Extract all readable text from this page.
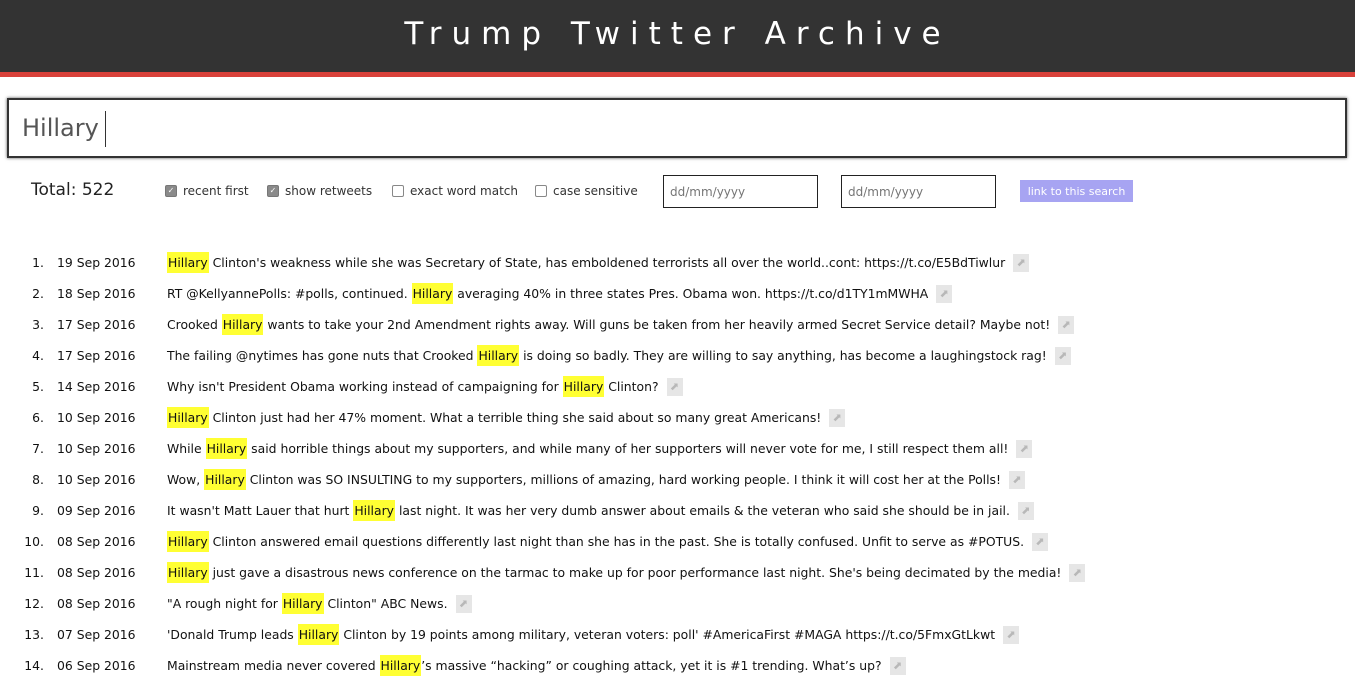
Trump Twitter Archive
Hillary
Total: 522	✓ recent first	✓ show retweets	exact word match	case sensitive
dd/mm/yyyy
dd/mm/yyyy	link to this search
1. 19 Sep 2016	Hillary Clinton's weakness while she was Secretary of State, has emboldened terrorists all over the world..cont: https://t.co/E5BdTiwlur	⬈
2. 18 Sep 2016	RT @KellyannePolls: #polls, continued. Hillary averaging 40% in three states Pres. Obama won. https://t.co/d1TY1mMWHA	⬈
3. 17 Sep 2016	Crooked Hillary wants to take your 2nd Amendment rights away. Will guns be taken from her heavily armed Secret Service detail? Maybe not!	⬈
4. 17 Sep 2016	The failing @nytimes has gone nuts that Crooked Hillary is doing so badly. They are willing to say anything, has become a laughingstock rag!	⬈
5. 14 Sep 2016	Why isn't President Obama working instead of campaigning for Hillary Clinton?	⬈
6. 10 Sep 2016	Hillary Clinton just had her 47% moment. What a terrible thing she said about so many great Americans!	⬈
7. 10 Sep 2016	While Hillary said horrible things about my supporters, and while many of her supporters will never vote for me, I still respect them all!	⬈
8. 10 Sep 2016	Wow, Hillary Clinton was SO INSULTING to my supporters, millions of amazing, hard working people. I think it will cost her at the Polls!	⬈
9. 09 Sep 2016	It wasn't Matt Lauer that hurt Hillary last night. It was her very dumb answer about emails & the veteran who said she should be in jail.	⬈
10. 08 Sep 2016	Hillary Clinton answered email questions differently last night than she has in the past. She is totally confused. Unfit to serve as #POTUS.	⬈
11. 08 Sep 2016	Hillary just gave a disastrous news conference on the tarmac to make up for poor performance last night. She's being decimated by the media!	⬈
12. 08 Sep 2016	"A rough night for Hillary Clinton" ABC News.	⬈
13. 07 Sep 2016	'Donald Trump leads Hillary Clinton by 19 points among military, veteran voters: poll' #AmericaFirst #MAGA https://t.co/5FmxGtLkwt	⬈
14. 06 Sep 2016	Mainstream media never covered Hillary ’s massive “hacking” or coughing attack, yet it is #1 trending. What’s up?	⬈
